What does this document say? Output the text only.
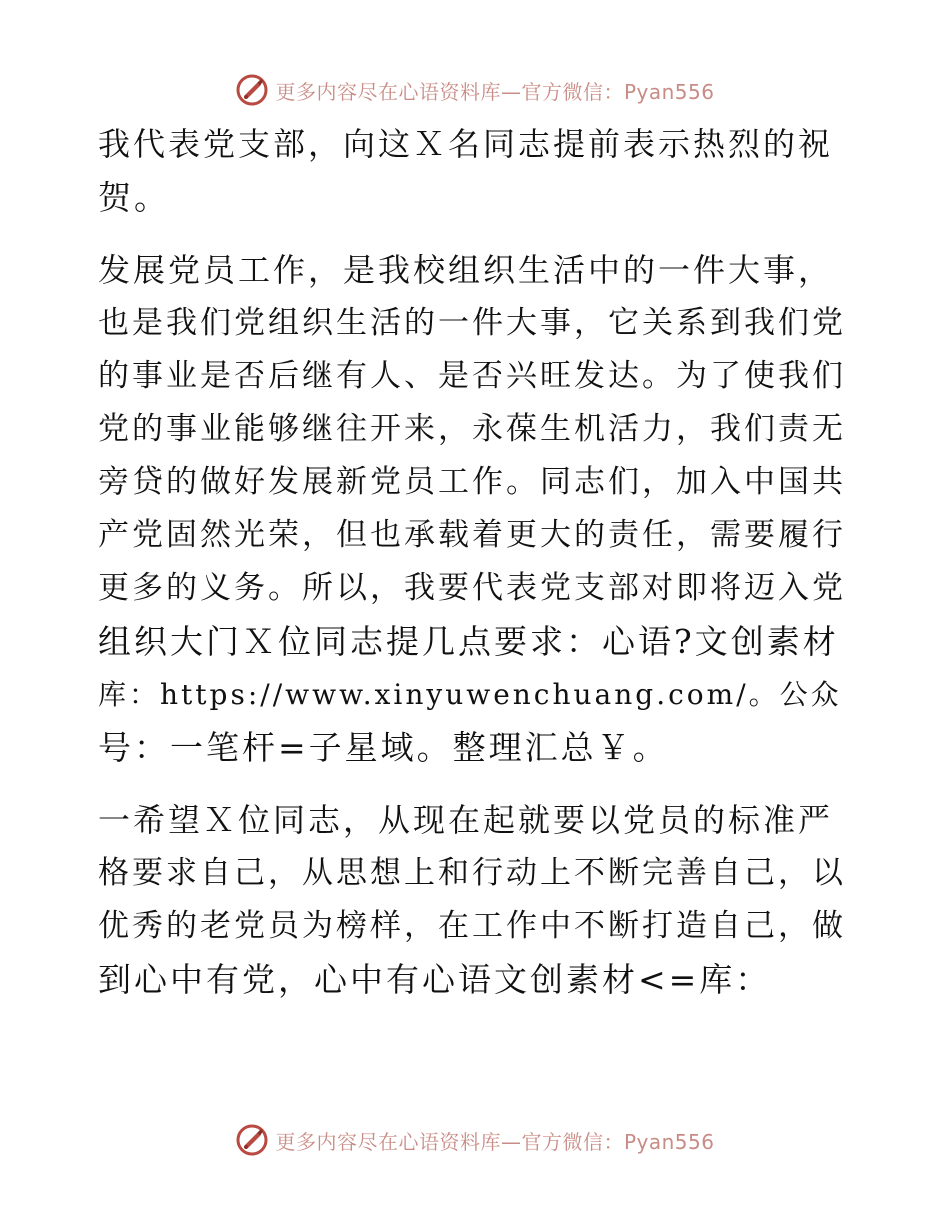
更多内容尽在心语资料库—官方微信：Pyan556

我代表党支部，向这Ｘ名同志提前表示热烈的祝
贺。

发展党员工作，是我校组织生活中的一件大事，
也是我们党组织生活的一件大事，它关系到我们党
的事业是否后继有人、是否兴旺发达。为了使我们
党的事业能够继往开来，永葆生机活力，我们责无
旁贷的做好发展新党员工作。同志们，加入中国共
产党固然光荣，但也承载着更大的责任，需要履行
更多的义务。所以，我要代表党支部对即将迈入党
组织大门Ｘ位同志提几点要求：心语?文创素材
库：https://www.xinyuwenchuang.com/。公众
号：一笔杆=子星域。整理汇总￥。

一希望Ｘ位同志，从现在起就要以党员的标准严
格要求自己，从思想上和行动上不断完善自己，以
优秀的老党员为榜样，在工作中不断打造自己，做
到心中有党，心中有心语文创素材<=库：

更多内容尽在心语资料库—官方微信：Pyan556
